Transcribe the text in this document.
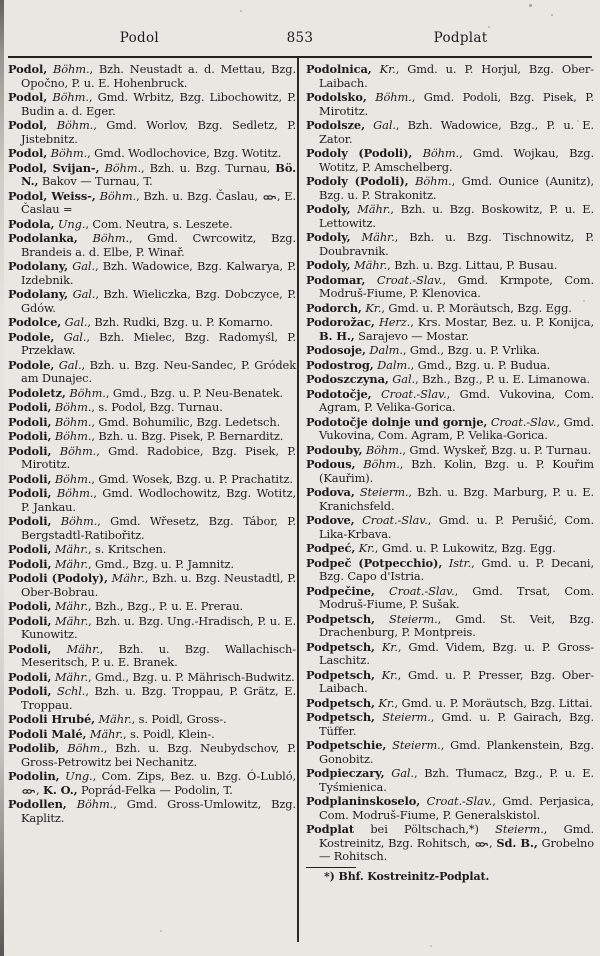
Podol	853	Podplat

Podol, Böhm., Bzh. Neustadt a. d. Mettau, Bzg. Opočno, P. u. E. Hohenbruck.

Podol, Böhm., Gmd. Wrbitz, Bzg. Libochowitz, P. Budin a. d. Eger.

Podol, Böhm., Gmd. Worlov, Bzg. Sedletz, P. Jistebnitz.

Podol, Böhm., Gmd. Wodlochovice, Bzg. Wotitz.

Podol, Svijan-, Böhm., Bzh. u. Bzg. Turnau, Bö. N., Bakov — Turnau, T.

Podol, Weiss-, Böhm., Bzh. u. Bzg. Časlau, , E. Časlau =

Podola, Ung., Com. Neutra, s. Leszete.

Podolanka, Böhm., Gmd. Cwrcowitz, Bzg. Brandeis a. d. Elbe, P. Winař.

Podolany, Gal., Bzh. Wadowice, Bzg. Kalwarya, P. Izdebnik.

Podolany, Gal., Bzh. Wieliczka, Bzg. Dobczyce, P. Gdów.

Podolce, Gal., Bzh. Rudki, Bzg. u. P. Komarno.

Podole, Gal., Bzh. Mielec, Bzg. Radomyśl, P. Przekław.

Podole, Gal., Bzh. u. Bzg. Neu-Sandec, P. Gródek am Dunajec.

Podoletz, Böhm., Gmd., Bzg. u. P. Neu-Benatek.

Podoli, Böhm., s. Podol, Bzg. Turnau.

Podoli, Böhm., Gmd. Bohumilic, Bzg. Ledetsch.

Podoli, Böhm., Bzh. u. Bzg. Pisek, P. Bernarditz.

Podoli, Böhm., Gmd. Radobice, Bzg. Pisek, P. Mirotitz.

Podoli, Böhm., Gmd. Wosek, Bzg. u. P. Prachatitz.

Podoli, Böhm., Gmd. Wodlochowitz, Bzg. Wotitz, P. Jankau.

Podoli, Böhm., Gmd. Wřesetz, Bzg. Tábor, P. Bergstadtl-Ratibořitz.

Podoli, Mähr., s. Kritschen.

Podoli, Mähr., Gmd., Bzg. u. P. Jamnitz.

Podoli (Podoly), Mähr., Bzh. u. Bzg. Neustadtl, P. Ober-Bobrau.

Podoli, Mähr., Bzh., Bzg., P. u. E. Prerau.

Podoli, Mähr., Bzh. u. Bzg. Ung.-Hradisch, P. u. E. Kunowitz.

Podoli, Mähr., Bzh. u. Bzg. Wallachisch-Meseritsch, P. u. E. Branek.

Podoli, Mähr., Gmd., Bzg. u. P. Mährisch-Budwitz.

Podoli, Schl., Bzh. u. Bzg. Troppau, P. Grätz, E. Troppau.

Podoli Hrubé, Mähr., s. Poidl, Gross-.

Podoli Malé, Mähr., s. Poidl, Klein-.

Podolib, Böhm., Bzh. u. Bzg. Neubydschov, P. Gross-Petrowitz bei Nechanitz.

Podolin, Ung., Com. Zips, Bez. u. Bzg. Ó-Lubló, , K. O., Poprád-Felka — Podolin, T.

Podollen, Böhm., Gmd. Gross-Umlowitz, Bzg. Kaplitz.

Podolnica, Kr., Gmd. u. P. Horjul, Bzg. Ober-Laibach.

Podolsko, Böhm., Gmd. Podoli, Bzg. Pisek, P. Mirotitz.

Podolsze, Gal., Bzh. Wadowice, Bzg., P. u. E. Zator.

Podoly (Podoli), Böhm., Gmd. Wojkau, Bzg. Wotitz, P. Amschelberg.

Podoly (Podoli), Böhm., Gmd. Ounice (Aunitz), Bzg. u. P. Strakonitz.

Podoly, Mähr., Bzh. u. Bzg. Boskowitz, P. u. E. Lettowitz.

Podoly, Mähr., Bzh. u. Bzg. Tischnowitz, P. Doubravnik.

Podoly, Mähr., Bzh. u. Bzg. Littau, P. Busau.

Podomar, Croat.-Slav., Gmd. Krmpote, Com. Modruš-Fiume, P. Klenovica.

Podorch, Kr., Gmd. u. P. Moräutsch, Bzg. Egg.

Podorožac, Herz., Krs. Mostar, Bez. u. P. Konijca, B. H., Sarajevo — Mostar.

Podosoje, Dalm., Gmd., Bzg. u. P. Vrlika.

Podostrog, Dalm., Gmd., Bzg. u. P. Budua.

Podoszczyna, Gal., Bzh., Bzg., P. u. E. Limanowa.

Podotočje, Croat.-Slav., Gmd. Vukovina, Com. Agram, P. Velika-Gorica.

Podotočje dolnje und gornje, Croat.-Slav., Gmd. Vukovina, Com. Agram, P. Velika-Gorica.

Podouby, Böhm., Gmd. Wyskeř, Bzg. u. P. Turnau.

Podous, Böhm., Bzh. Kolin, Bzg. u. P. Kouřim (Kauřim).

Podova, Steierm., Bzh. u. Bzg. Marburg, P. u. E. Kranichsfeld.

Podove, Croat.-Slav., Gmd. u. P. Perušić, Com. Lika-Krbava.

Podpeć, Kr., Gmd. u. P. Lukowitz, Bzg. Egg.

Podpeč (Potpecchio), Istr., Gmd. u. P. Decani, Bzg. Capo d'Istria.

Podpečine, Croat.-Slav., Gmd. Trsat, Com. Modruš-Fiume, P. Sušak.

Podpetsch, Steierm., Gmd. St. Veit, Bzg. Drachenburg, P. Montpreis.

Podpetsch, Kr., Gmd. Videm, Bzg. u. P. Gross-Laschitz.

Podpetsch, Kr., Gmd. u. P. Presser, Bzg. Ober-Laibach.

Podpetsch, Kr., Gmd. u. P. Moräutsch, Bzg. Littai.

Podpetsch, Steierm., Gmd. u. P. Gairach, Bzg. Tüffer.

Podpetschie, Steierm., Gmd. Plankenstein, Bzg. Gonobitz.

Podpieczary, Gal., Bzh. Tłumacz, Bzg., P. u. E. Tyśmienica.

Podplaninskoselo, Croat.-Slav., Gmd. Perjasica, Com. Modruš-Fiume, P. Generalskistol.

Podplat bei Pöltschach,*) Steierm., Gmd. Kostreinitz, Bzg. Rohitsch, , Sd. B., Grobelno — Rohitsch.

*) Bhf. Kostreinitz-Podplat.
